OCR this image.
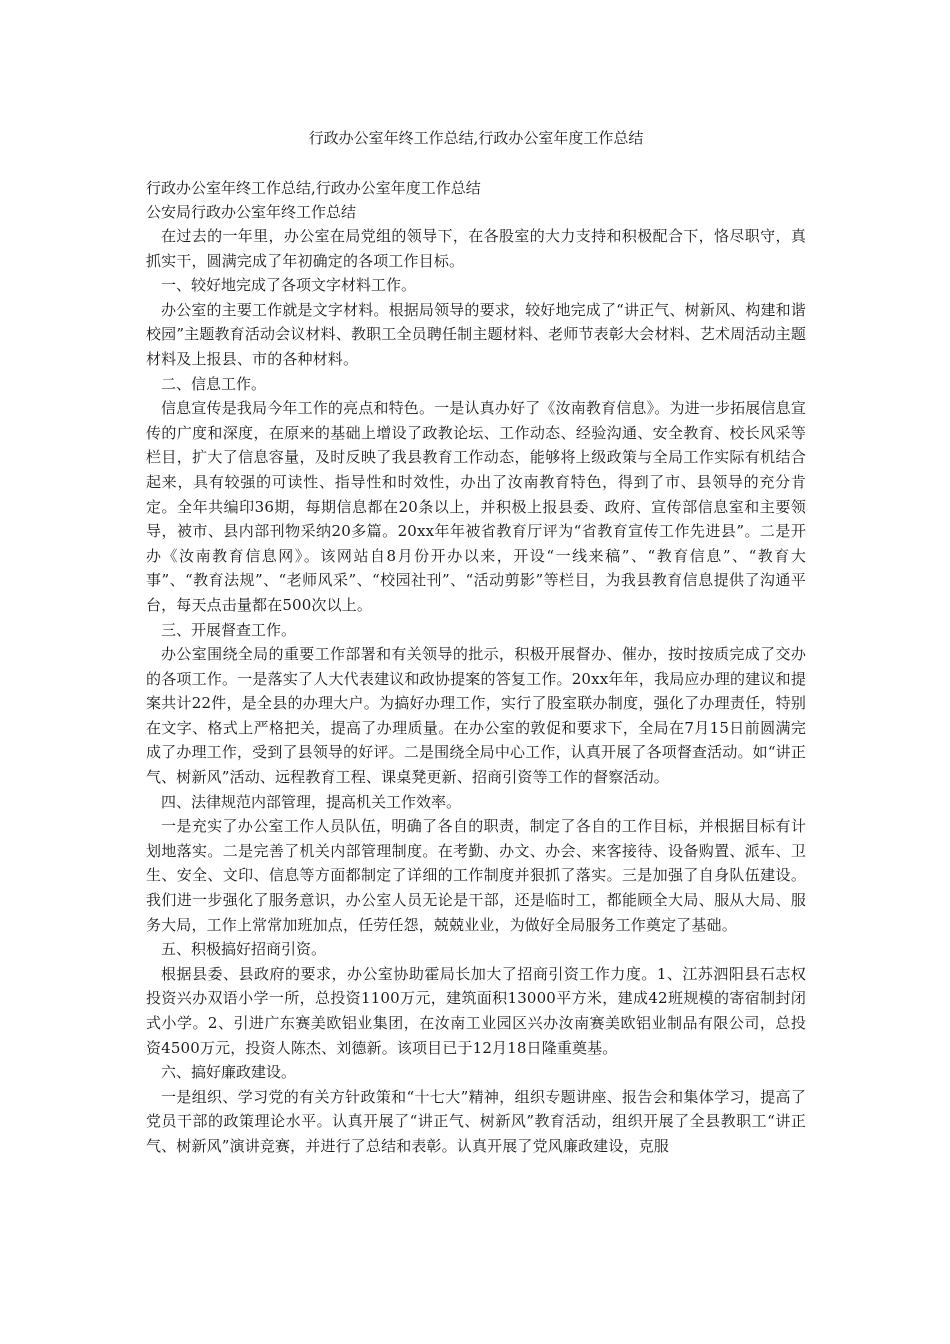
行政办公室年终工作总结,行政办公室年度工作总结

行政办公室年终工作总结,行政办公室年度工作总结

公安局行政办公室年终工作总结

在过去的一年里，办公室在局党组的领导下，在各股室的大力支持和积极配合下，恪尽职守，真抓实干，圆满完成了年初确定的各项工作目标。

一、较好地完成了各项文字材料工作。

办公室的主要工作就是文字材料。根据局领导的要求，较好地完成了“讲正气、树新风、构建和谐校园”主题教育活动会议材料、教职工全员聘任制主题材料、老师节表彰大会材料、艺术周活动主题材料及上报县、市的各种材料。

二、信息工作。

信息宣传是我局今年工作的亮点和特色。一是认真办好了《汝南教育信息》。为进一步拓展信息宣传的广度和深度，在原来的基础上增设了政教论坛、工作动态、经验沟通、安全教育、校长风采等栏目，扩大了信息容量，及时反映了我县教育工作动态，能够将上级政策与全局工作实际有机结合起来，具有较强的可读性、指导性和时效性，办出了汝南教育特色，得到了市、县领导的充分肯定。全年共编印36期，每期信息都在20条以上，并积极上报县委、政府、宣传部信息室和主要领导，被市、县内部刊物采纳20多篇。20xx年年被省教育厅评为“省教育宣传工作先进县”。二是开办《汝南教育信息网》。该网站自8月份开办以来，开设“一线来稿”、“教育信息”、“教育大事”、“教育法规”、“老师风采”、“校园社刊”、“活动剪影”等栏目，为我县教育信息提供了沟通平台，每天点击量都在500次以上。

三、开展督查工作。

办公室围绕全局的重要工作部署和有关领导的批示，积极开展督办、催办，按时按质完成了交办的各项工作。一是落实了人大代表建议和政协提案的答复工作。20xx年年，我局应办理的建议和提案共计22件，是全县的办理大户。为搞好办理工作，实行了股室联办制度，强化了办理责任，特别在文字、格式上严格把关，提高了办理质量。在办公室的敦促和要求下，全局在7月15日前圆满完成了办理工作，受到了县领导的好评。二是围绕全局中心工作，认真开展了各项督查活动。如“讲正气、树新风”活动、远程教育工程、课桌凳更新、招商引资等工作的督察活动。

四、法律规范内部管理，提高机关工作效率。

一是充实了办公室工作人员队伍，明确了各自的职责，制定了各自的工作目标，并根据目标有计划地落实。二是完善了机关内部管理制度。在考勤、办文、办会、来客接待、设备购置、派车、卫生、安全、文印、信息等方面都制定了详细的工作制度并狠抓了落实。三是加强了自身队伍建设。我们进一步强化了服务意识，办公室人员无论是干部，还是临时工，都能顾全大局、服从大局、服务大局，工作上常常加班加点，任劳任怨，兢兢业业，为做好全局服务工作奠定了基础。

五、积极搞好招商引资。

根据县委、县政府的要求，办公室协助霍局长加大了招商引资工作力度。1、江苏泗阳县石志权投资兴办双语小学一所，总投资1100万元，建筑面积13000平方米，建成42班规模的寄宿制封闭式小学。2、引进广东赛美欧铝业集团，在汝南工业园区兴办汝南赛美欧铝业制品有限公司，总投资4500万元，投资人陈杰、刘德新。该项目已于12月18日隆重奠基。

六、搞好廉政建设。

一是组织、学习党的有关方针政策和“十七大”精神，组织专题讲座、报告会和集体学习，提高了党员干部的政策理论水平。认真开展了“讲正气、树新风”教育活动，组织开展了全县教职工“讲正气、树新风”演讲竞赛，并进行了总结和表彰。认真开展了党风廉政建设，克服
